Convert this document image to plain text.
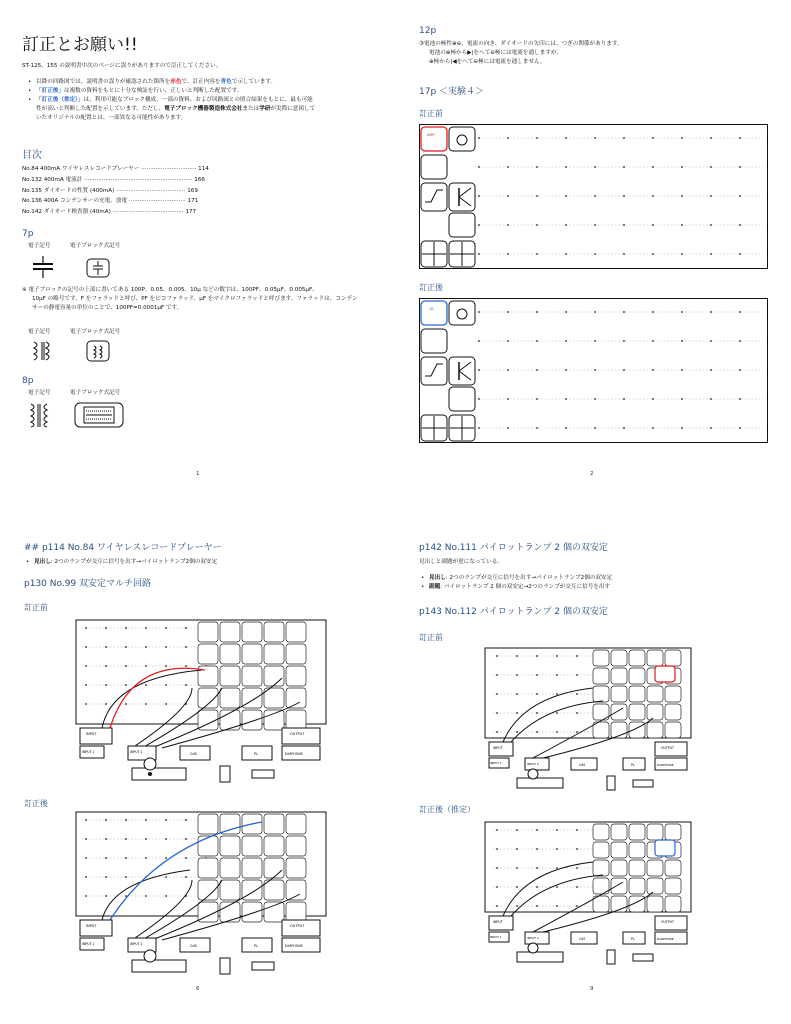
訂正とお願い!!
ST-125、155 の説明書中次のページに誤りがありますので訂正してください。
• 以降の回路図では、説明書の誤りが確認された箇所を赤色で、訂正内容を青色で示しています。
• 「訂正後」は複数の資料をもとに十分な検証を行い、正しいと判断した配置です。
• 「訂正後（推定）」は、利用可能なブロック構成、一部の資料、および回路図との照合結果をもとに、最も可能
性が高いと判断した配置を示しています。ただし、電子ブロック機器製造株式会社または学研が実際に意図して
いたオリジナルの配置とは、一部異なる可能性があります。
目次
No.84 400mA ワイヤレスレコードプレーヤー ······························· 114
No.132 400mA 電流計 ····························································· 166
No.135 ダイオードの性質 (400mA) ······································· 169
No.136 400A コンデンサーの充電、放電 ································ 171
No.142 ダイオード検査器 (40mA) ········································ 177
7p
電子記号	電子ブロック式記号
※ 電子ブロックの記号の上部に書いてある 100P、0.05、0.005、10µ などの数字は、100PF、0.05µF、0.005µF、
10µF の略号です。F をファラッドと呼び、PF をピコファラッド、µF をマイクロファラッドと呼びます。ファラッドは、コンデン
サーの静電容量の単位のことで、100PF=0.0001µF です。
電子記号	電子ブロック式記号
8p
電子記号	電子ブロック式記号
1
12p
③電池の極性⊕⊖、電流の向き、ダイオードの矢印には、つぎの関係があります。
電池の⊕極から▶|をへて⊖極には電流を通しますが、
⊕極から|◀をへて⊖極には電流を通しません。
17p ＜実験４＞
訂正前
AMP
訂正後
1K
2
## p114 No.84 ワイヤレスレコードプレーヤー
• 見出し: 2つのランプが交互に信号を出す→パイロットランプ2個の双安定
p130 No.99 双安定マルチ回路
訂正前
INPUT
INPUT 1	INPUT 2	CdS	PL
OUTPUT
EARPHONE
訂正後
INPUT
INPUT 1	INPUT 2	CdS	PL
OUTPUT
EARPHONE
6
p142 No.111 パイロットランプ 2 個の双安定
見出しと副題が逆になっている。
• 見出し: 2つのランプが交互に信号を出す→パイロットランプ2個の双安定
• 副題: パイロットランプ 2 個の双安定→2つのランプが交互に信号を出す
p143 No.112 パイロットランプ 2 個の双安定
訂正前
INPUT
INPUT 1	INPUT 2	CdS	PL
OUTPUT
EARPHONE
訂正後（推定）
INPUT
INPUT 1	INPUT 2	CdS	PL
OUTPUT
EARPHONE
9
